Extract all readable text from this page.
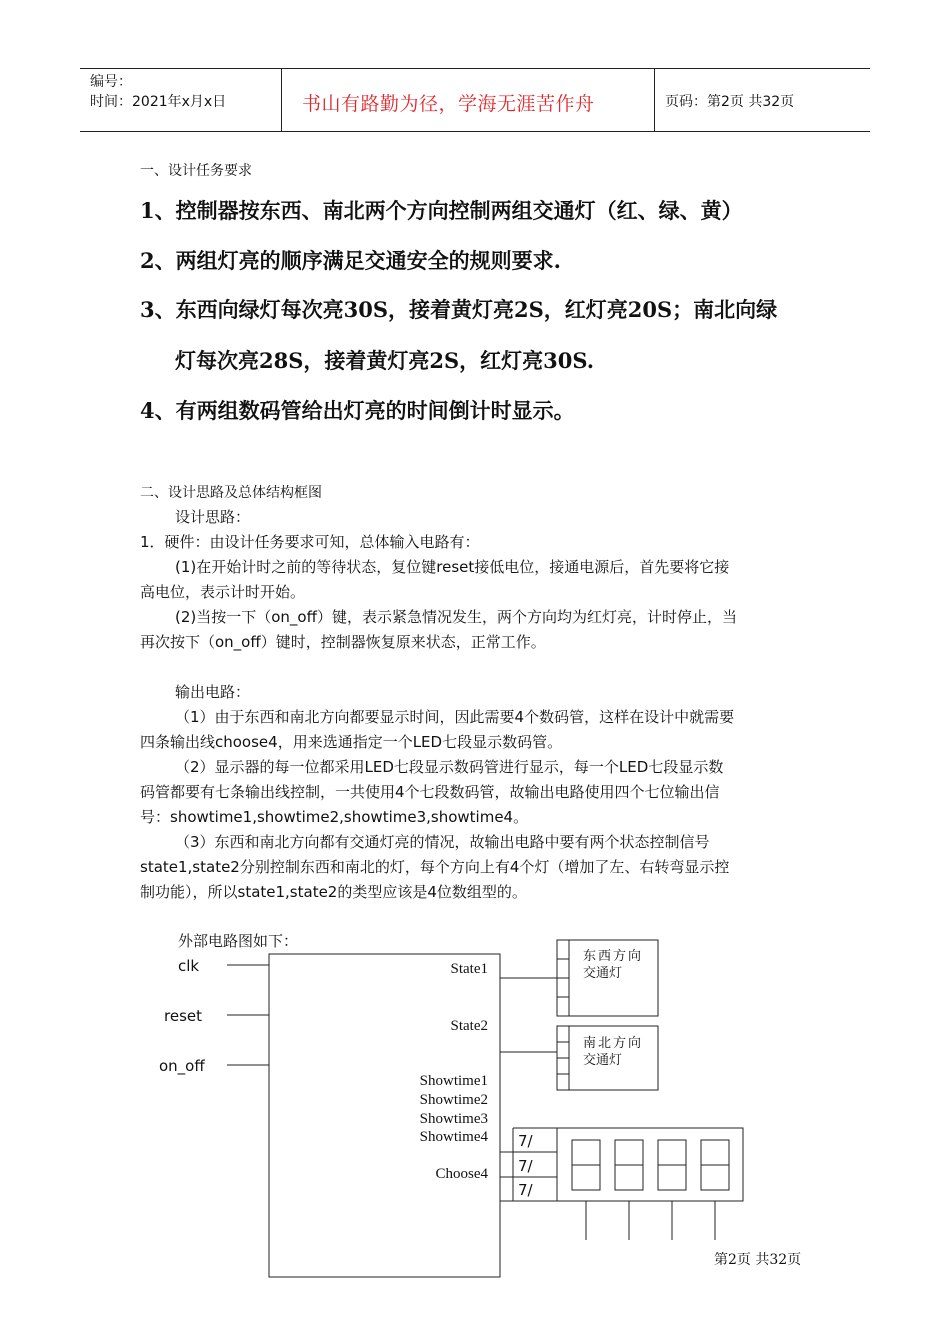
编号：
时间：2021年x月x日	书山有路勤为径，学海无涯苦作舟	页码：第2页 共32页
一、设计任务要求
1、控制器按东西、南北两个方向控制两组交通灯（红、绿、黄）
2、两组灯亮的顺序满足交通安全的规则要求.
3、东西向绿灯每次亮30S，接着黄灯亮2S，红灯亮20S；南北向绿
灯每次亮28S，接着黄灯亮2S，红灯亮30S.
4、有两组数码管给出灯亮的时间倒计时显示。
二、设计思路及总体结构框图
设计思路：
1．硬件：由设计任务要求可知，总体输入电路有：
(1)在开始计时之前的等待状态，复位键reset接低电位，接通电源后，首先要将它接
高电位，表示计时开始。
(2)当按一下（on_off）键，表示紧急情况发生，两个方向均为红灯亮，计时停止，当
再次按下（on_off）键时，控制器恢复原来状态，正常工作。
输出电路：
（1）由于东西和南北方向都要显示时间，因此需要4个数码管，这样在设计中就需要
四条输出线choose4，用来选通指定一个LED七段显示数码管。
（2）显示器的每一位都采用LED七段显示数码管进行显示，每一个LED七段显示数
码管都要有七条输出线控制，一共使用4个七段数码管，故输出电路使用四个七位输出信
号：showtime1,showtime2,showtime3,showtime4。
（3）东西和南北方向都有交通灯亮的情况，故输出电路中要有两个状态控制信号
state1,state2分别控制东西和南北的灯，每个方向上有4个灯（增加了左、右转弯显示控
制功能），所以state1,state2的类型应该是4位数组型的。
外部电路图如下：
clk
reset
on_off
State1
State2
Showtime1
Showtime2
Showtime3
Showtime4
Choose4
7/
7/
7/
东西方向
交通灯
南北方向
交通灯
第2页 共32页
